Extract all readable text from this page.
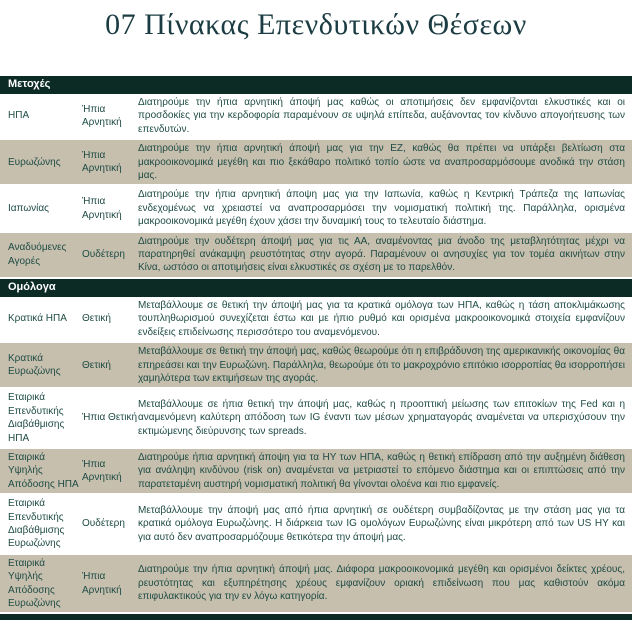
07 Πίνακας Επενδυτικών Θέσεων
Μετοχές
ΗΠΑ
Ήπια Αρνητική
Διατηρούμε την ήπια αρνητική άποψή μας καθώς οι αποτιμήσεις δεν εμφανίζονται ελκυστικές και οι προσδοκίες για την κερδοφορία παραμένουν σε υψηλά επίπεδα, αυξάνοντας τον κίνδυνο απογοήτευσης των επενδυτών.
Ευρωζώνης
Ήπια Αρνητική
Διατηρούμε την ήπια αρνητική άποψή μας για την ΕΖ, καθώς θα πρέπει να υπάρξει βελτίωση στα μακροοικονομικά μεγέθη και πιο ξεκάθαρο πολιτικό τοπίο ώστε να αναπροσαρμόσουμε ανοδικά την στάση μας.
Ιαπωνίας
Ήπια Αρνητική
Διατηρούμε την ήπια αρνητική άποψη μας για την Ιαπωνία, καθώς η Κεντρική Τράπεζα της Ιαπωνίας ενδεχομένως να χρειαστεί να αναπροσαρμόσει την νομισματική πολιτική της. Παράλληλα, ορισμένα μακροοικονομικά μεγέθη έχουν χάσει την δυναμική τους το τελευταίο διάστημα.
Αναδυόμενες Αγορές
Ουδέτερη
Διατηρούμε την ουδέτερη άποψή μας για τις ΑΑ, αναμένοντας μια άνοδο της μεταβλητότητας μέχρι να παρατηρηθεί ανάκαμψη ρευστότητας στην αγορά. Παραμένουν οι ανησυχίες για τον τομέα ακινήτων στην Κίνα, ωστόσο οι αποτιμήσεις είναι ελκυστικές σε σχέση με το παρελθόν.
Ομόλογα
Κρατικά ΗΠΑ	Θετική
Μεταβάλλουμε σε θετική την άποψή μας για τα κρατικά ομόλογα των ΗΠΑ, καθώς η τάση αποκλιμάκωσης τουπληθωρισμού συνεχίζεται έστω και με ήπιο ρυθμό και ορισμένα μακροοικονομικά στοιχεία εμφανίζουν ενδείξεις επιδείνωσης περισσότερο του αναμενόμενου.
Κρατικά Ευρωζώνης
Θετική
Μεταβάλλουμε σε θετική την άποψή μας, καθώς θεωρούμε ότι η επιβράδυνση της αμερικανικής οικονομίας θα επηρεάσει και την Ευρωζώνη. Παράλληλα, θεωρούμε ότι το μακροχρόνιο επιτόκιο ισορροπίας θα ισορροπήσει χαμηλότερα των εκτιμήσεων της αγοράς.
Εταιρικά Επενδυτικής Διαβάθμισης ΗΠΑ
Ήπια Θετική
Μεταβάλλουμε σε ήπια θετική την άποψή μας, καθώς η προοπτική μείωσης των επιτοκίων της Fed και η αναμενόμενη καλύτερη απόδοση των IG έναντι των μέσων χρηματαγοράς αναμένεται να υπερισχύσουν την εκτιμώμενης διεύρυνσης των spreads.
Εταιρικά Υψηλής Απόδοσης ΗΠΑ
Ήπια Αρνητική
Διατηρούμε ήπια αρνητική άποψη για τα HY των ΗΠΑ, καθώς η θετική επίδραση από την αυξημένη διάθεση για ανάληψη κινδύνου (risk on) αναμένεται να μετριαστεί το επόμενο διάστημα και οι επιπτώσεις από την παρατεταμένη αυστηρή νομισματική πολιτική θα γίνονται ολοένα και πιο εμφανείς.
Εταιρικά Επενδυτικής Διαβάθμισης Ευρωζώνης
Ουδέτερη
Μεταβάλλουμε την άποψή μας από ήπια αρνητική σε ουδέτερη συμβαδίζοντας με την στάση μας για τα κρατικά ομόλογα Ευρωζώνης. Η διάρκεια των IG ομολόγων Ευρωζώνης είναι μικρότερη από των US HY και για αυτό δεν αναπροσαρμόζουμε θετικότερα την άποψή μας.
Εταιρικά Υψηλής Απόδοσης Ευρωζώνης
Ήπια Αρνητική
Διατηρούμε την ήπια αρνητική άποψή μας. Διάφορα μακροοικονομικά μεγέθη και ορισμένοι δείκτες χρέους, ρευστότητας και εξυπηρέτησης χρέους εμφανίζουν οριακή επιδείνωση που μας καθιστούν ακόμα επιφυλακτικούς για την εν λόγω κατηγορία.
